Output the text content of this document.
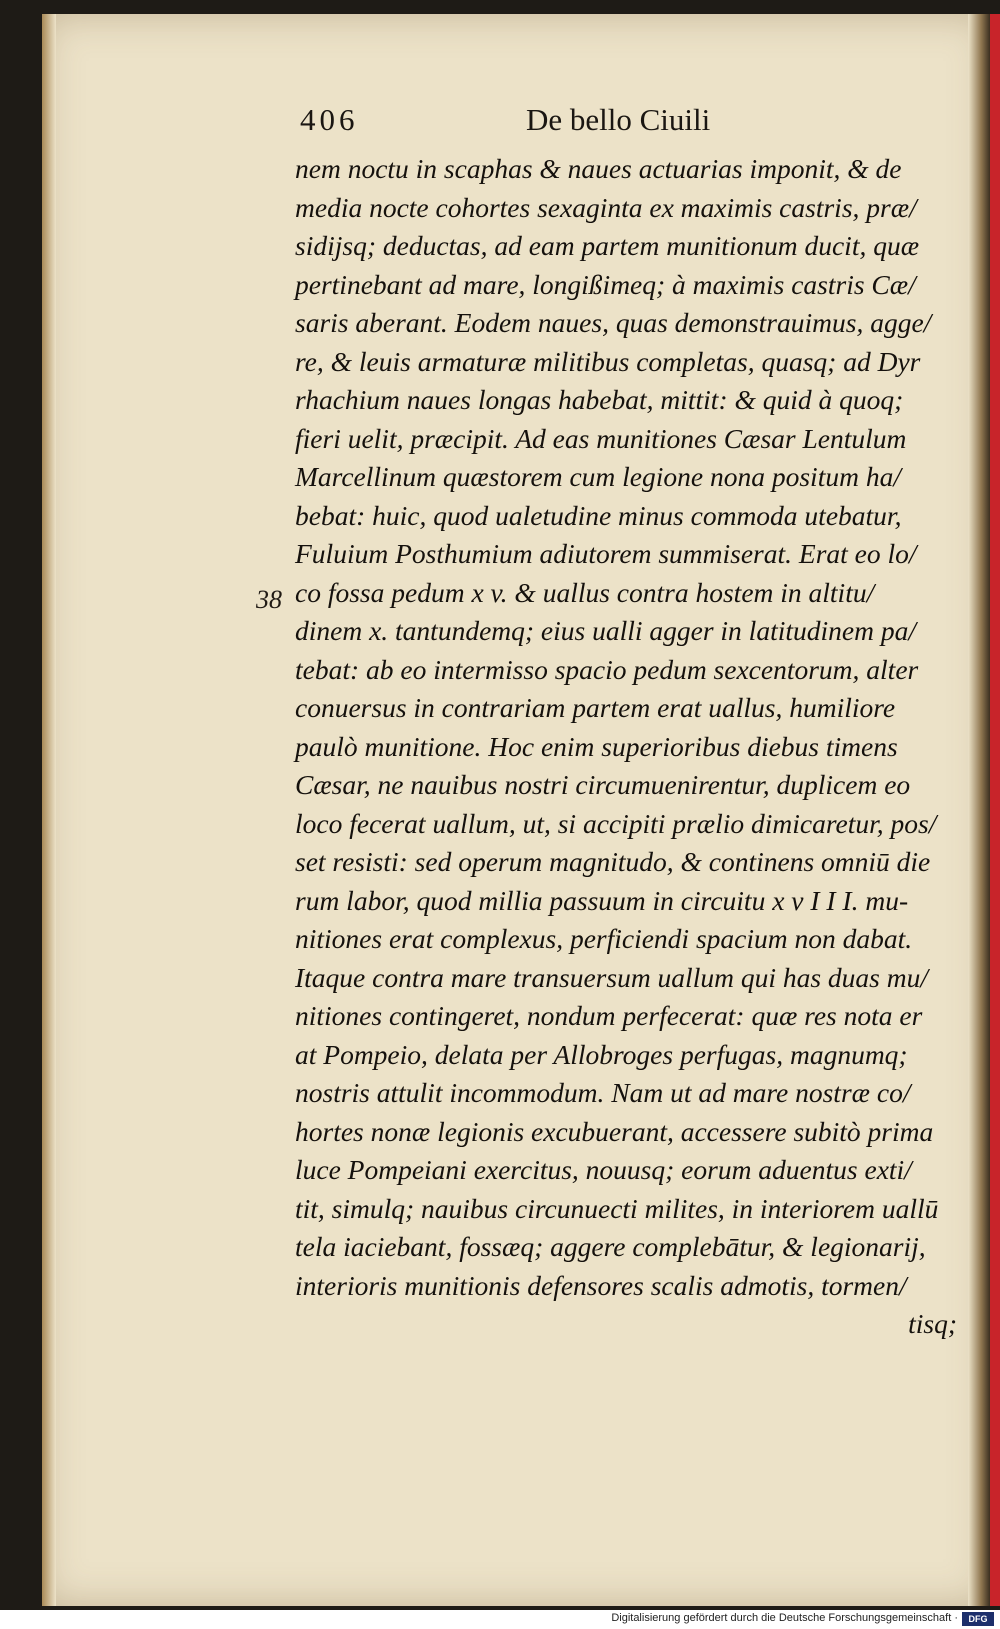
406	De bello Ciuili
38
nem noctu in scaphas & naues actuarias imponit, & de
media nocte cohortes sexaginta ex maximis castris, præ/
sidijsq; deductas, ad eam partem munitionum ducit, quæ
pertinebant ad mare, longißimeq; à maximis castris Cæ/
saris aberant. Eodem naues, quas demonstrauimus, agge/
re, & leuis armaturæ militibus completas, quasq; ad Dyr
rhachium naues longas habebat, mittit: & quid à quoq;
fieri uelit, præcipit. Ad eas munitiones Cæsar Lentulum
Marcellinum quæstorem cum legione nona positum ha/
bebat: huic, quod ualetudine minus commoda utebatur,
Fuluium Posthumium adiutorem summiserat. Erat eo lo/
co fossa pedum x v. & uallus contra hostem in altitu/
dinem x. tantundemq; eius ualli agger in latitudinem pa/
tebat: ab eo intermisso spacio pedum sexcentorum, alter
conuersus in contrariam partem erat uallus, humiliore
paulò munitione. Hoc enim superioribus diebus timens
Cæsar, ne nauibus nostri circumuenirentur, duplicem eo
loco fecerat uallum, ut, si accipiti prælio dimicaretur, pos/
set resisti: sed operum magnitudo, & continens omniū die
rum labor, quod millia passuum in circuitu x v I I I. mu-
nitiones erat complexus, perficiendi spacium non dabat.
Itaque contra mare transuersum uallum qui has duas mu/
nitiones contingeret, nondum perfecerat: quæ res nota er
at Pompeio, delata per Allobroges perfugas, magnumq;
nostris attulit incommodum. Nam ut ad mare nostræ co/
hortes nonæ legionis excubuerant, accessere subitò prima
luce Pompeiani exercitus, nouusq; eorum aduentus exti/
tit, simulq; nauibus circunuecti milites, in interiorem uallū
tela iaciebant, fossæq; aggere complebātur, & legionarij,
interioris munitionis defensores scalis admotis, tormen/
tisq;
Digitalisierung gefördert durch die Deutsche Forschungsgemeinschaft ·	DFG
